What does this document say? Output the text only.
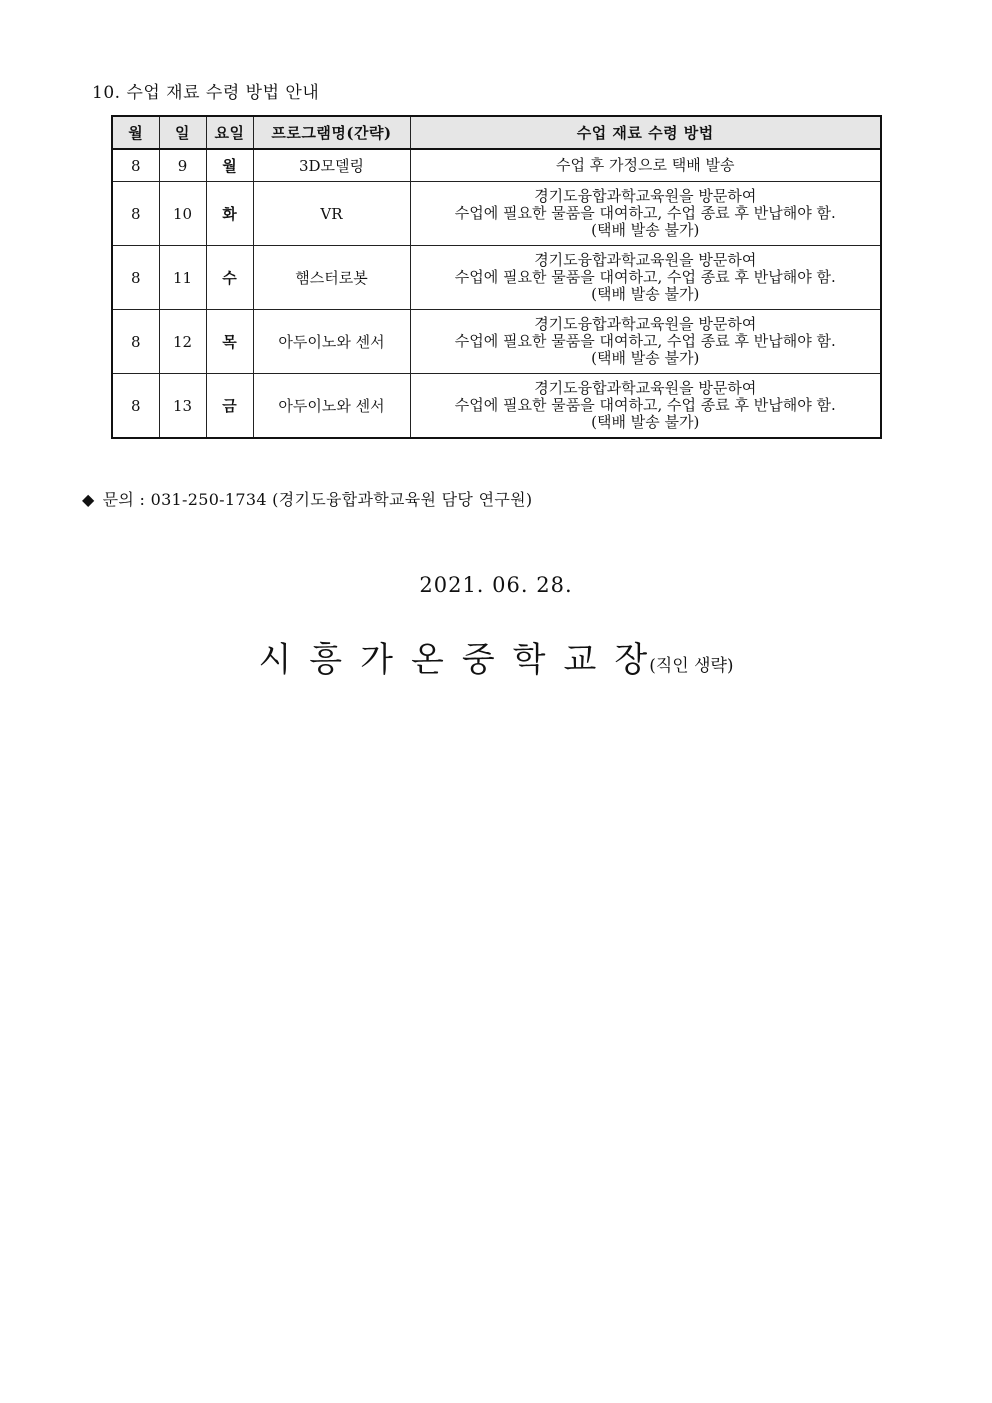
10. 수업 재료 수령 방법 안내
월	일	요일	프로그램명(간략)	수업 재료 수령 방법
8	9	월	3D모델링	수업 후 가정으로 택배 발송

8	10	화	VR	경기도융합과학교육원을 방문하여
수업에 필요한 물품을 대여하고, 수업 종료 후 반납해야 함.
(택배 발송 불가)

8	11	수	햄스터로봇	경기도융합과학교육원을 방문하여
수업에 필요한 물품을 대여하고, 수업 종료 후 반납해야 함.
(택배 발송 불가)

8	12	목	아두이노와 센서	경기도융합과학교육원을 방문하여
수업에 필요한 물품을 대여하고, 수업 종료 후 반납해야 함.
(택배 발송 불가)

8	13	금	아두이노와 센서	경기도융합과학교육원을 방문하여
수업에 필요한 물품을 대여하고, 수업 종료 후 반납해야 함.
(택배 발송 불가)
◆ 문의 : 031-250-1734 (경기도융합과학교육원 담당 연구원)
2021. 06. 28.
시흥가온중학교장(직인 생략)
